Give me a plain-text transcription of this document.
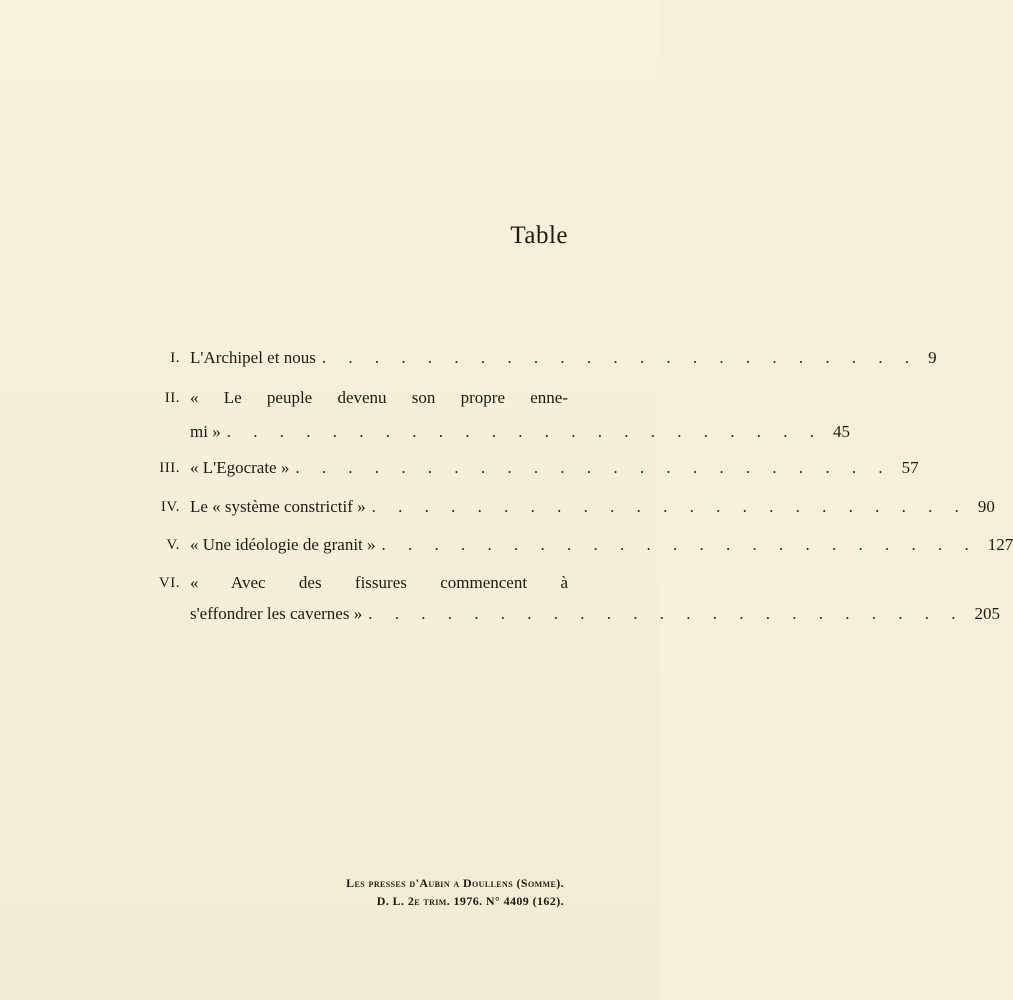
Table
I. L'Archipel et nous . . . . . . . . . . . . . . . . . . . . . . . 9
II. « Le peuple devenu son propre enne-
mi » . . . . . . . . . . . . . . . . . . . . . . . 45
III. « L'Egocrate » . . . . . . . . . . . . . . . . . . . . . . . 57
IV. Le « système constrictif » . . . . . . . . . . . . . . . . . . . . . . . 90
V. « Une idéologie de granit » . . . . . . . . . . . . . . . . . . . . . . . 127
VI. « Avec des fissures commencent à
s'effondrer les cavernes » . . . . . . . . . . . . . . . . . . . . . . . 205
Les presses d'Aubin a Doullens (Somme).
D. L. 2e trim. 1976. N° 4409 (162).
